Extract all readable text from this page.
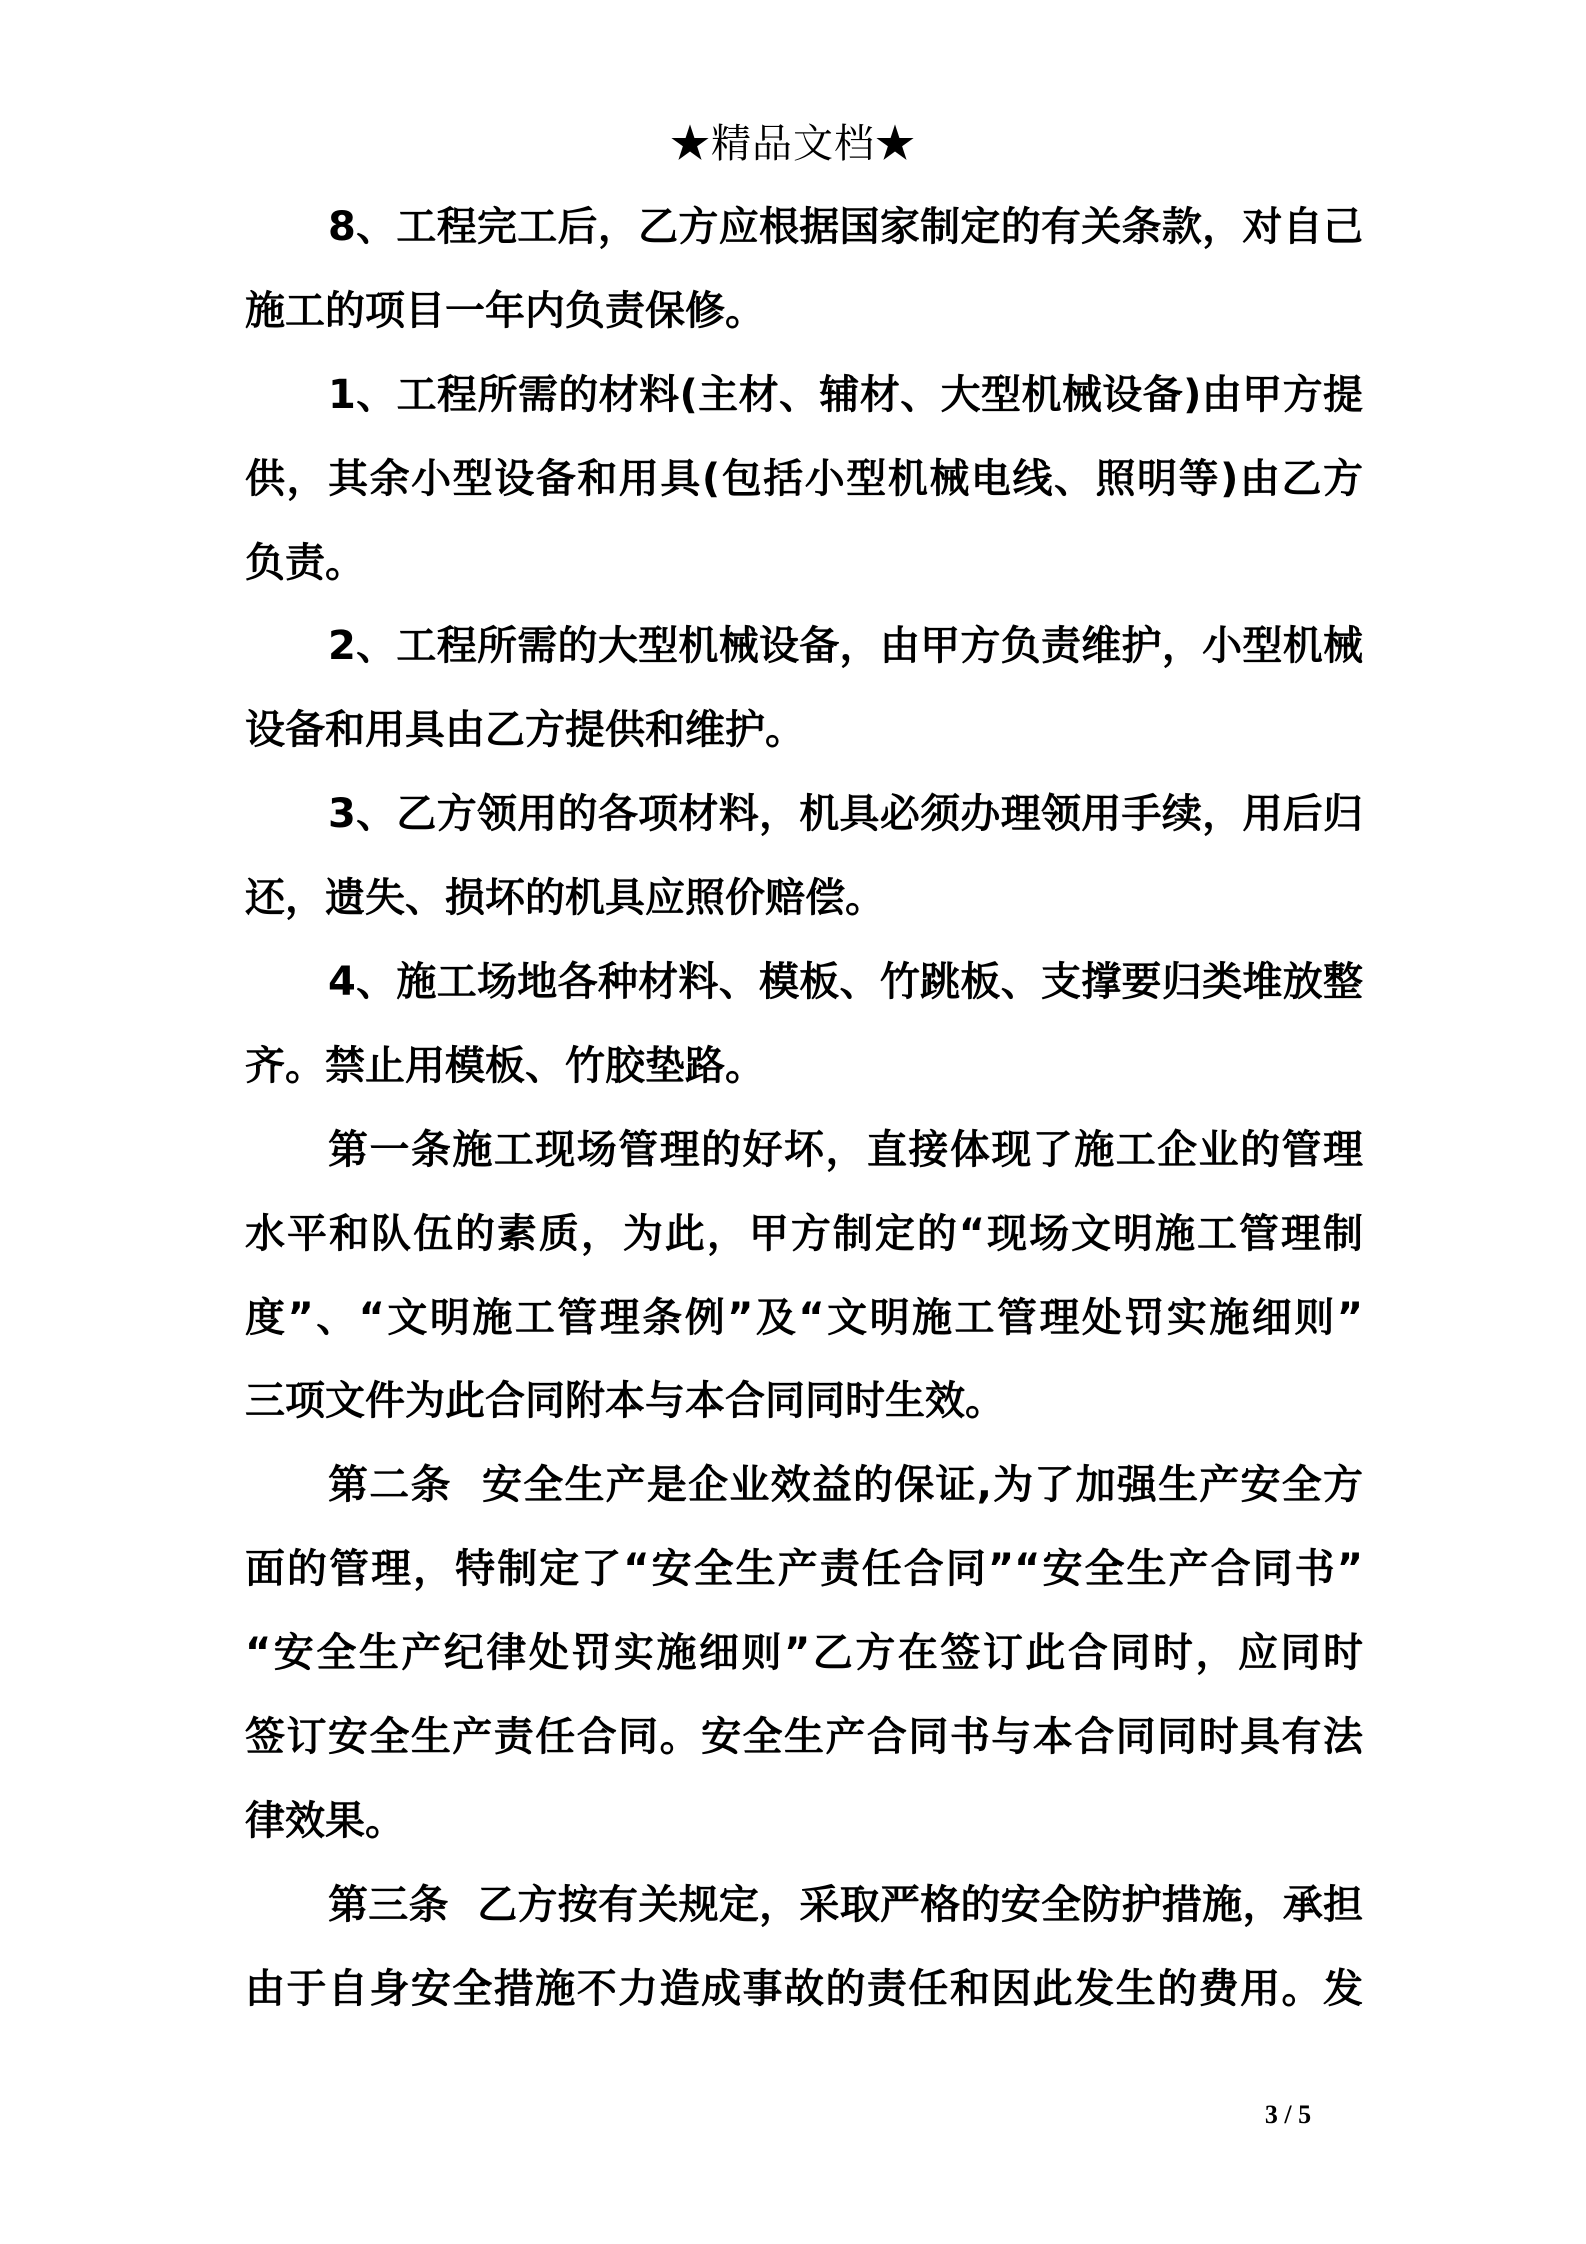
★精品文档★
8、工程完工后，乙方应根据国家制定的有关条款，对自己
施工的项目一年内负责保修。
1、工程所需的材料(主材、辅材、大型机械设备)由甲方提
供，其余小型设备和用具(包括小型机械电线、照明等)由乙方
负责。
2、工程所需的大型机械设备，由甲方负责维护，小型机械
设备和用具由乙方提供和维护。
3、乙方领用的各项材料，机具必须办理领用手续，用后归
还，遗失、损坏的机具应照价赔偿。
4、施工场地各种材料、模板、竹跳板、支撑要归类堆放整
齐。禁止用模板、竹胶垫路。
第一条施工现场管理的好坏，直接体现了施工企业的管理
水平和队伍的素质，为此，甲方制定的“现场文明施工管理制
度”、“文明施工管理条例”及“文明施工管理处罚实施细则”
三项文件为此合同附本与本合同同时生效。
第二条  安全生产是企业效益的保证,为了加强生产安全方
面的管理，特制定了“安全生产责任合同”“安全生产合同书”
“安全生产纪律处罚实施细则”乙方在签订此合同时，应同时
签订安全生产责任合同。安全生产合同书与本合同同时具有法
律效果。
第三条  乙方按有关规定，采取严格的安全防护措施，承担
由于自身安全措施不力造成事故的责任和因此发生的费用。发
3 / 5
